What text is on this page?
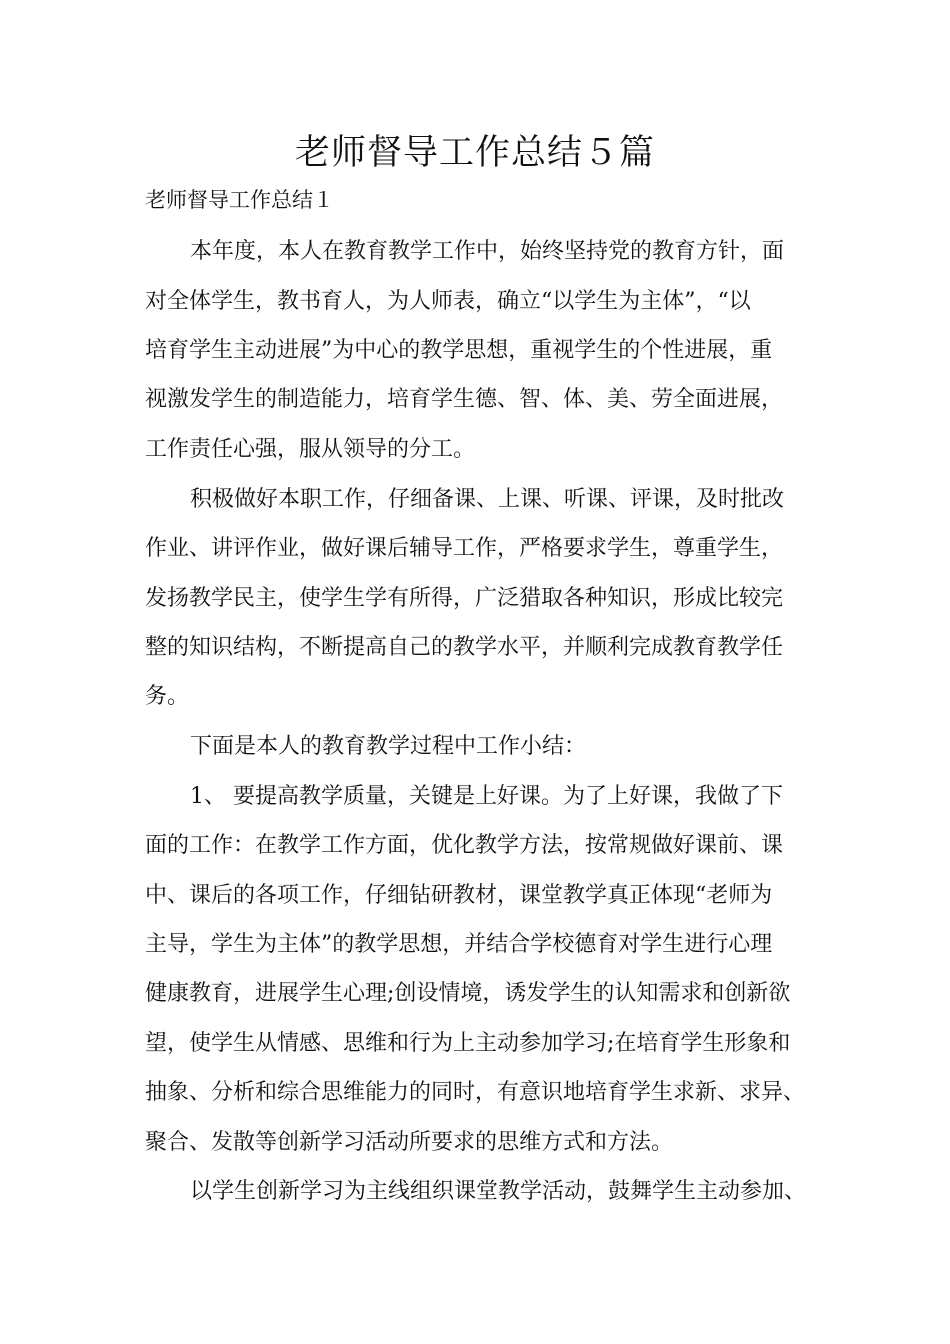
老师督导工作总结５篇
老师督导工作总结１
本年度，本人在教育教学工作中，始终坚持党的教育方针，面
对全体学生，教书育人，为人师表，确立“以学生为主体”，“以
培育学生主动进展”为中心的教学思想，重视学生的个性进展，重
视激发学生的制造能力，培育学生德、智、体、美、劳全面进展，
工作责任心强，服从领导的分工。
积极做好本职工作，仔细备课、上课、听课、评课，及时批改
作业、讲评作业，做好课后辅导工作，严格要求学生，尊重学生，
发扬教学民主，使学生学有所得，广泛猎取各种知识，形成比较完
整的知识结构，不断提高自己的教学水平，并顺利完成教育教学任
务。
下面是本人的教育教学过程中工作小结：
1、 要提高教学质量，关键是上好课。为了上好课，我做了下
面的工作：在教学工作方面，优化教学方法，按常规做好课前、课
中、课后的各项工作，仔细钻研教材，课堂教学真正体现“老师为
主导，学生为主体”的教学思想，并结合学校德育对学生进行心理
健康教育，进展学生心理;创设情境，诱发学生的认知需求和创新欲
望，使学生从情感、思维和行为上主动参加学习;在培育学生形象和
抽象、分析和综合思维能力的同时，有意识地培育学生求新、求异、
聚合、发散等创新学习活动所要求的思维方式和方法。
以学生创新学习为主线组织课堂教学活动，鼓舞学生主动参加、
